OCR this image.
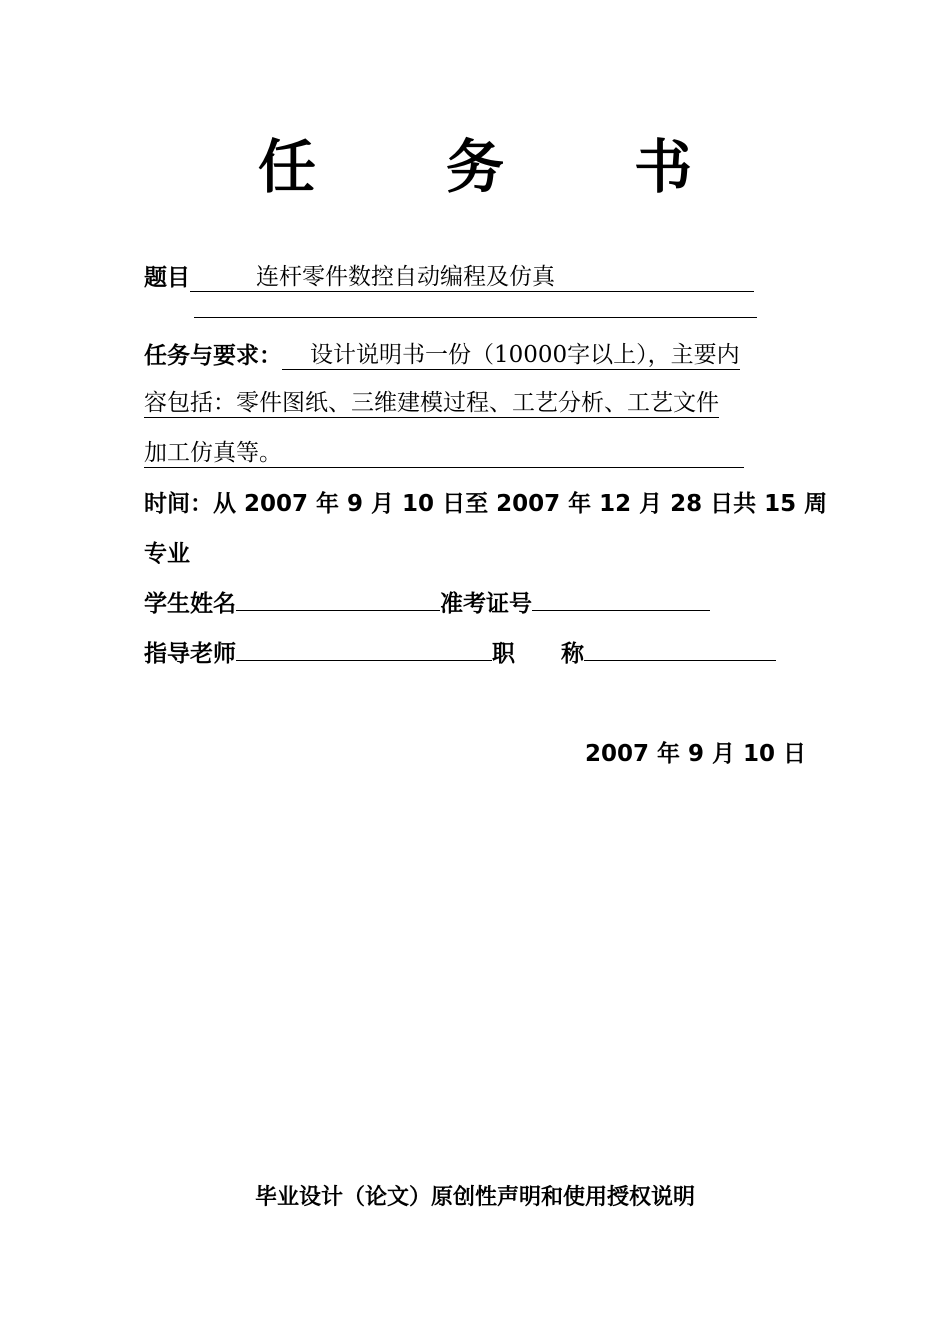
任　务　书
题目	连杆零件数控自动编程及仿真
任务与要求： 设计说明书一份（10000字以上），主要内
容包括：零件图纸、三维建模过程、工艺分析、工艺文件
加工仿真等。
时间：从 2007 年 9 月 10 日至 2007 年 12 月 28 日共 15 周
专业
学生姓名	准考证号
指导老师	职　　称
2007 年 9 月 10 日
毕业设计（论文）原创性声明和使用授权说明
